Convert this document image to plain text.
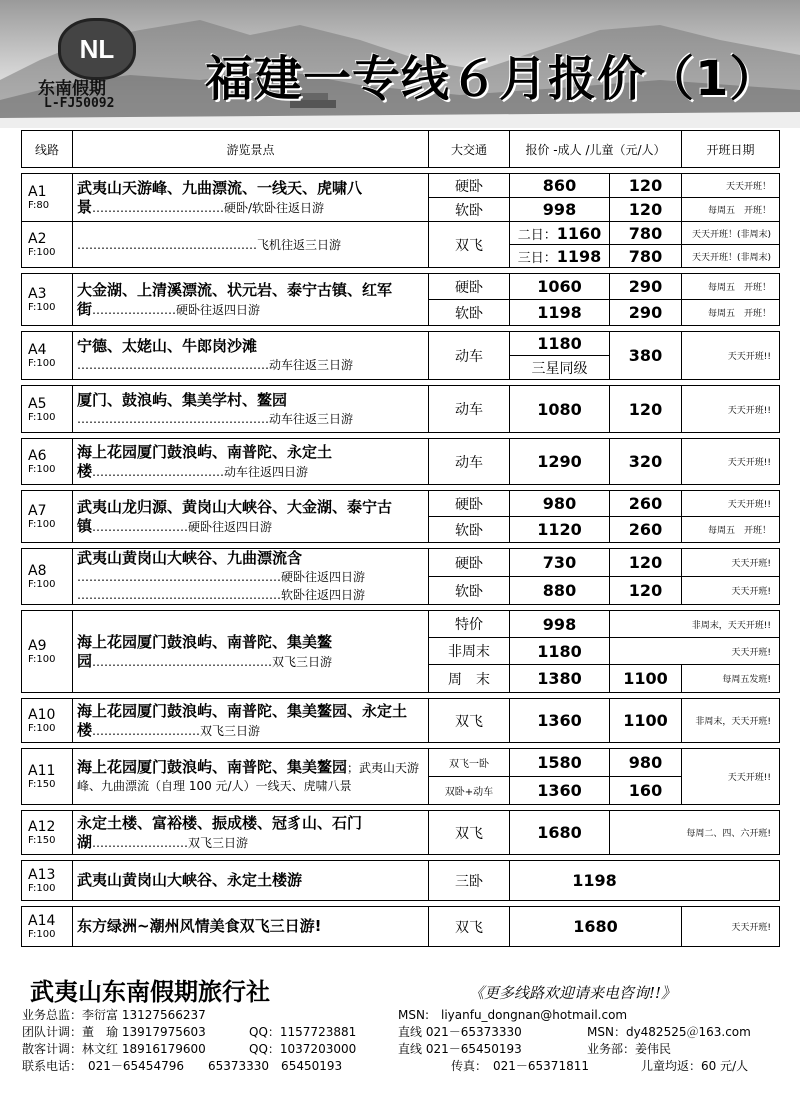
NL
东南假期
L-FJ50092 福建一专线６月报价（1）
线路	游览景点	大交通	报价 -成人 /儿童（元/人）		开班日期

A1
F:80	武夷山天游峰、九曲漂流、一线天、虎啸八景……………………………硬卧/软卧往返日游	硬卧	860	120	天天开班！
		软卧	998	120	每周五　开班！

A2
F:100	………………………………………飞机往返三日游	双飞	二日：1160	780	天天开班！(非周末)
			三日：1198	780	天天开班！(非周末)

A3
F:100	大金湖、上清溪漂流、状元岩、泰宁古镇、红军街…………………硬卧往返四日游	硬卧	1060	290	每周五　开班！
		软卧	1198	290	每周五　开班！

A4
F:100	宁德、太姥山、牛郎岗沙滩
…………………………………………动车往返三日游	动车	1180	380	天天开班!!
			三星同级		

A5
F:100	厦门、鼓浪屿、集美学村、鳌园
…………………………………………动车往返三日游	动车	1080	120	天天开班!!

A6
F:100	海上花园厦门鼓浪屿、南普陀、永定土楼……………………………动车往返四日游	动车	1290	320	天天开班!!

A7
F:100	武夷山龙归源、黄岗山大峡谷、大金湖、泰宁古镇……………………硬卧往返四日游	硬卧	980	260	天天开班!!
		软卧	1120	260	每周五　开班！

A8
F:100	武夷山黄岗山大峡谷、九曲漂流含
……………………………………………硬卧往返四日游
……………………………………………软卧往返四日游	硬卧	730	120	天天开班!
		软卧	880	120	天天开班!

A9
F:100	海上花园厦门鼓浪屿、南普陀、集美鳌园………………………………………双飞三日游	特价	998	非周末，天天开班!!	
		非周末	1180	天天开班!	
		周　末	1380	1100	每周五发班!

A10
F:100	海上花园厦门鼓浪屿、南普陀、集美鳌园、永定土楼………………………双飞三日游	双飞	1360	1100	非周末，天天开班!

A11
F:150	海上花园厦门鼓浪屿、南普陀、集美鳌园；武夷山天游峰、九曲漂流（自理 100 元/人）一线天、虎啸八景	双飞一卧	1580	980	天天开班!!
		双卧+动车	1360	160	

A12
F:150	永定土楼、富裕楼、振成楼、冠豸山、石门湖……………………双飞三日游	双飞	1680	每周二、四、六开班!	

A13
F:100	武夷山黄岗山大峡谷、永定土楼游	三卧	1198		

A14
F:100	东方绿洲~潮州风情美食双飞三日游!	双飞	1680		天天开班!
武夷山东南假期旅行社	《更多线路欢迎请来电咨询!!》
业务总监：李衍富 13127566237	MSN:　liyanfu_dongnan@hotmail.com
团队计调：董　瑜 13917975603	QQ：1157723881	直线 021－65373330	MSN：dy482525＠163.com
散客计调：林文红 18916179600	QQ：1037203000	直线 021－65450193	业务部：姜伟民
联系电话：　021－65454796　　65373330　65450193	传真：　021－65371811	儿童均返：60 元/人
